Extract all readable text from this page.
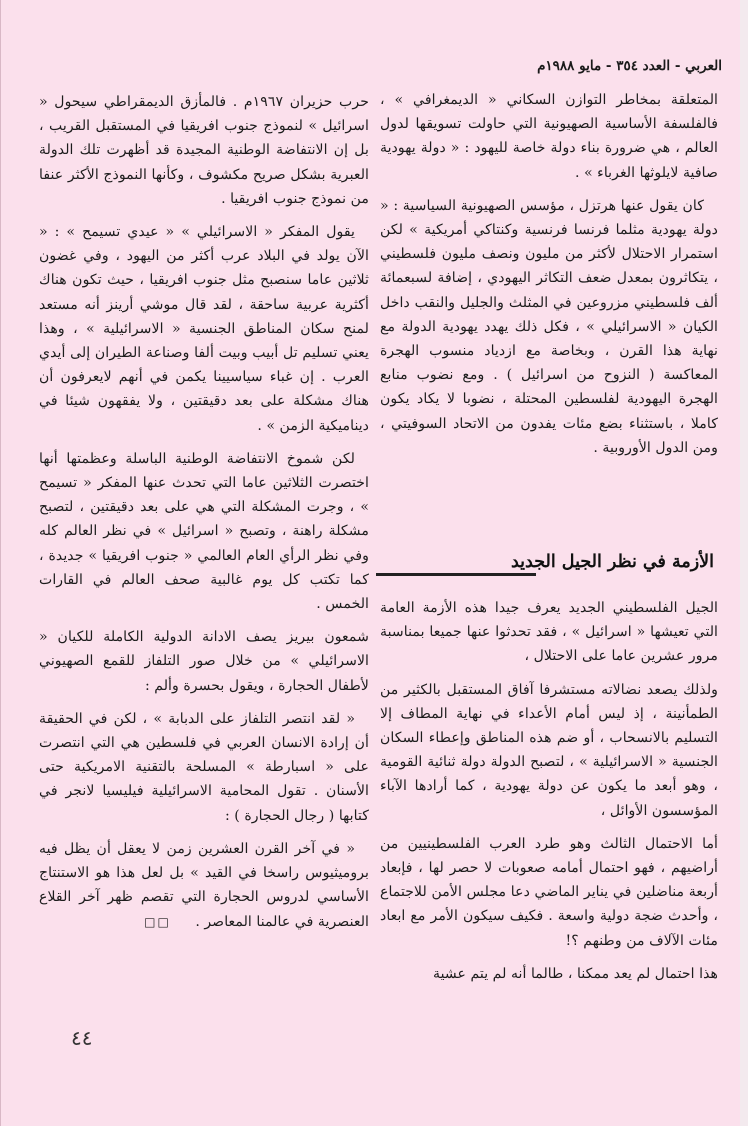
العربي - العدد ٣٥٤ - مايو ١٩٨٨م

المتعلقة بمخاطر التوازن السكاني « الديمغرافي » ، فالفلسفة الأساسية الصهيونية التي حاولت تسويقها لدول العالم ، هي ضرورة بناء دولة خاصة لليهود : « دولة يهودية صافية لايلوثها الغرباء » .

كان يقول عنها هرتزل ، مؤسس الصهيونية السياسية : « دولة يهودية مثلما فرنسا فرنسية وكنتاكي أمريكية » لكن استمرار الاحتلال لأكثر من مليون ونصف مليون فلسطيني ، يتكاثرون بمعدل ضعف التكاثر اليهودي ، إضافة لسبعمائة ألف فلسطيني مزروعين في المثلث والجليل والنقب داخل الكيان « الاسرائيلي » ، فكل ذلك يهدد يهودية الدولة مع نهاية هذا القرن ، وبخاصة مع ازدياد منسوب الهجرة المعاكسة ( النزوح من اسرائيل ) . ومع نضوب منابع الهجرة اليهودية لفلسطين المحتلة ، نضوبا لا يكاد يكون كاملا ، باستثناء بضع مئات يفدون من الاتحاد السوفيتي ، ومن الدول الأوروبية .

الأزمة في نظر الجيل الجديد

الجيل الفلسطيني الجديد يعرف جيدا هذه الأزمة العامة التي تعيشها « اسرائيل » ، فقد تحدثوا عنها جميعا بمناسبة مرور عشرين عاما على الاحتلال ،

ولذلك يصعد نضالاته مستشرفا آفاق المستقبل بالكثير من الطمأنينة ، إذ ليس أمام الأعداء في نهاية المطاف إلا التسليم بالانسحاب ، أو ضم هذه المناطق وإعطاء السكان الجنسية « الاسرائيلية » ، لتصبح الدولة دولة ثنائية القومية ، وهو أبعد ما يكون عن دولة يهودية ، كما أرادها الآباء المؤسسون الأوائل ،

أما الاحتمال الثالث وهو طرد العرب الفلسطينيين من أراضيهم ، فهو احتمال أمامه صعوبات لا حصر لها ، فإبعاد أربعة مناضلين في يناير الماضي دعا مجلس الأمن للاجتماع ، وأحدث ضجة دولية واسعة . فكيف سيكون الأمر مع ابعاد مئات الآلاف من وطنهم ؟!

هذا احتمال لم يعد ممكنا ، طالما أنه لم يتم عشية

حرب حزيران ١٩٦٧م . فالمأزق الديمقراطي سيحول « اسرائيل » لنموذج جنوب افريقيا في المستقبل القريب ، بل إن الانتفاضة الوطنية المجيدة قد أظهرت تلك الدولة العبرية بشكل صريح مكشوف ، وكأنها النموذج الأكثر عنفا من نموذج جنوب افريقيا .

يقول المفكر « الاسرائيلي » « عيدي تسيمح » : « الآن يولد في البلاد عرب أكثر من اليهود ، وفي غضون ثلاثين عاما سنصبح مثل جنوب افريقيا ، حيث تكون هناك أكثرية عربية ساحقة ، لقد قال موشي أرينز أنه مستعد لمنح سكان المناطق الجنسية « الاسرائيلية » ، وهذا يعني تسليم تل أبيب وبيت ألفا وصناعة الطيران إلى أيدي العرب . إن غباء سياسيينا يكمن في أنهم لايعرفون أن هناك مشكلة على بعد دقيقتين ، ولا يفقهون شيئا في ديناميكية الزمن » .

لكن شموخ الانتفاضة الوطنية الباسلة وعظمتها أنها اختصرت الثلاثين عاما التي تحدث عنها المفكر « تسيمح » ، وجرت المشكلة التي هي على بعد دقيقتين ، لتصبح مشكلة راهنة ، وتصبح « اسرائيل » في نظر العالم كله وفي نظر الرأي العام العالمي « جنوب افريقيا » جديدة ، كما تكتب كل يوم غالبية صحف العالم في القارات الخمس .

شمعون بيريز يصف الادانة الدولية الكاملة للكيان « الاسرائيلي » من خلال صور التلفاز للقمع الصهيوني لأطفال الحجارة ، ويقول بحسرة وألم :

« لقد انتصر التلفاز على الدبابة » ، لكن في الحقيقة أن إرادة الانسان العربي في فلسطين هي التي انتصرت على « اسبارطة » المسلحة بالتقنية الامريكية حتى الأسنان . تقول المحامية الاسرائيلية فيليسيا لانجر في كتابها ( رجال الحجارة ) :

« في آخر القرن العشرين زمن لا يعقل أن يظل فيه بروميثيوس راسخا في القيد » بل لعل هذا هو الاستنتاج الأساسي لدروس الحجارة التي تقصم ظهر آخر القلاع العنصرية في عالمنا المعاصر . □□

٤٤
